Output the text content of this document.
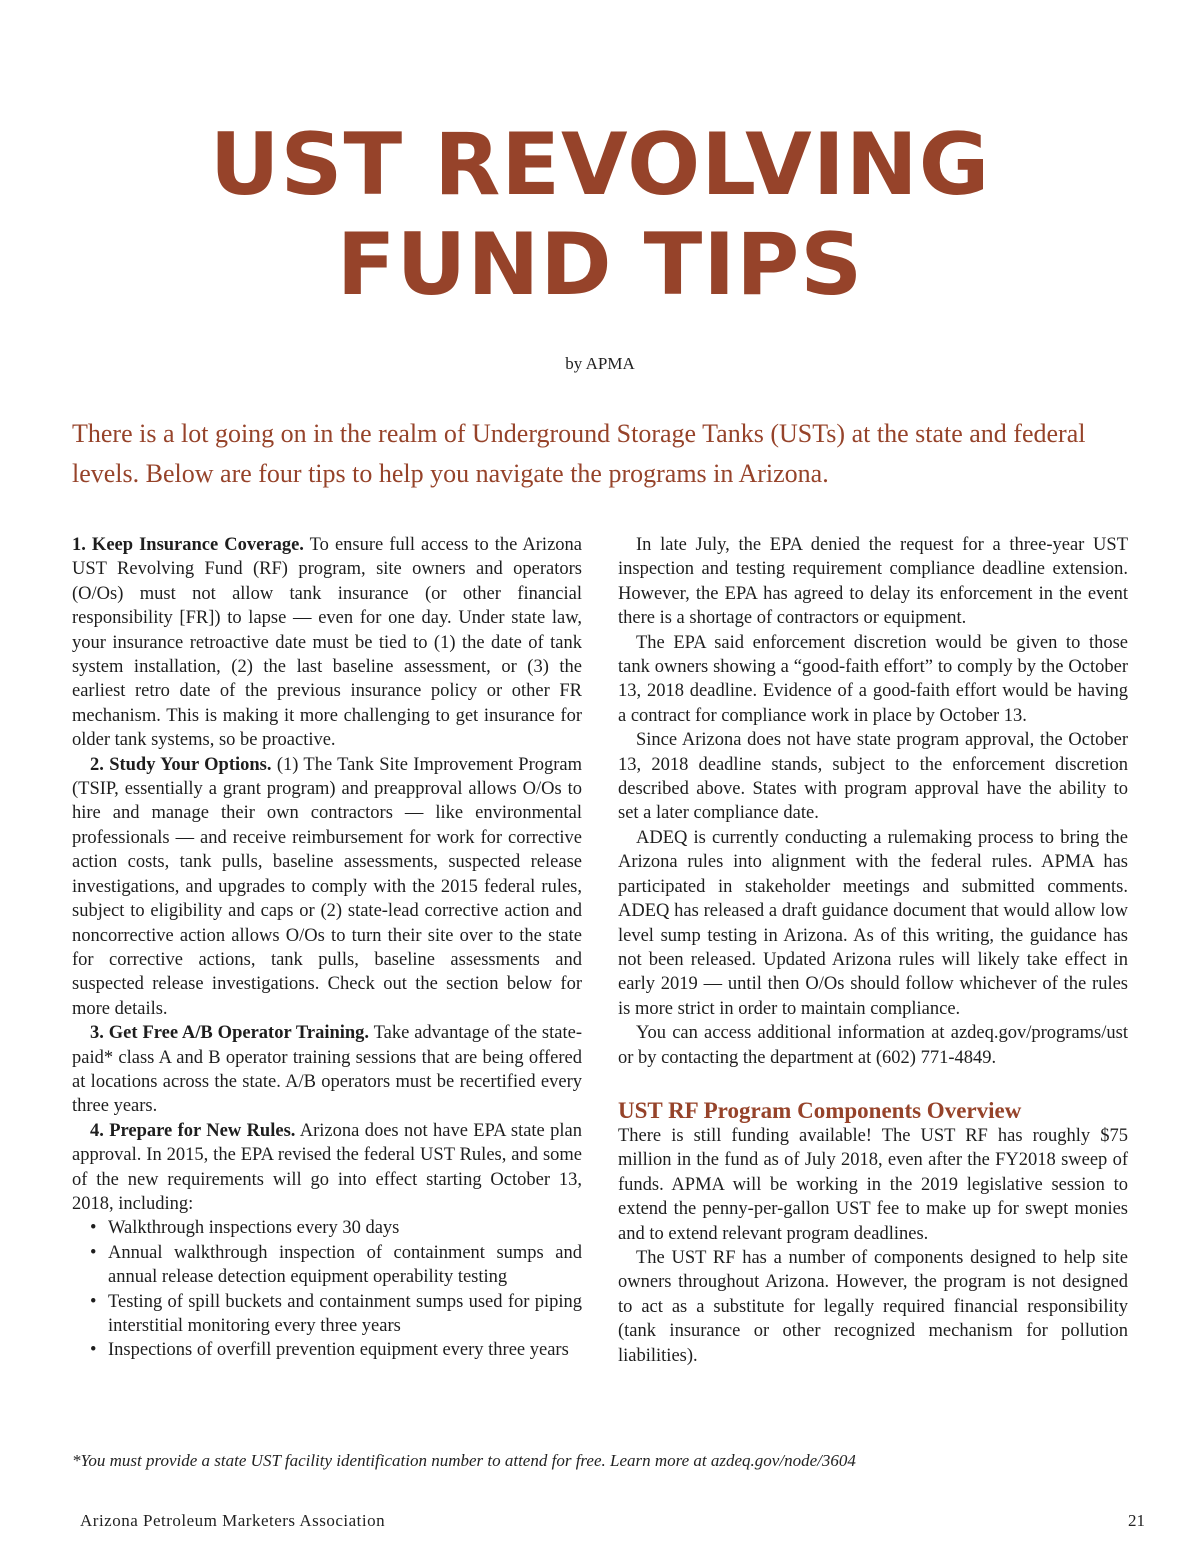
UST REVOLVING
FUND TIPS
by APMA

There is a lot going on in the realm of Underground Storage Tanks (USTs) at the state and federal levels. Below are four tips to help you navigate the programs in Arizona.

1. Keep Insurance Coverage. To ensure full access to the Arizona UST Revolving Fund (RF) program, site owners and operators (O/Os) must not allow tank insurance (or other financial responsibility [FR]) to lapse — even for one day. Under state law, your insurance retroactive date must be tied to (1) the date of tank system installation, (2) the last baseline assessment, or (3) the earliest retro date of the previous insurance policy or other FR mechanism. This is making it more challenging to get insurance for older tank systems, so be proactive.

2. Study Your Options. (1) The Tank Site Improvement Program (TSIP, essentially a grant program) and preapproval allows O/Os to hire and manage their own contractors — like environmental professionals — and receive reimbursement for work for corrective action costs, tank pulls, baseline assessments, suspected release investigations, and upgrades to comply with the 2015 federal rules, subject to eligibility and caps or (2) state-lead corrective action and noncorrective action allows O/Os to turn their site over to the state for corrective actions, tank pulls, baseline assessments and suspected release investigations. Check out the section below for more details.

3. Get Free A/B Operator Training. Take advantage of the state-paid* class A and B operator training sessions that are being offered at locations across the state. A/B operators must be recertified every three years.

4. Prepare for New Rules. Arizona does not have EPA state plan approval. In 2015, the EPA revised the federal UST Rules, and some of the new requirements will go into effect starting October 13, 2018, including:

• Walkthrough inspections every 30 days
• Annual walkthrough inspection of containment sumps and annual release detection equipment operability testing
• Testing of spill buckets and containment sumps used for piping interstitial monitoring every three years
• Inspections of overfill prevention equipment every three years

In late July, the EPA denied the request for a three-year UST inspection and testing requirement compliance deadline extension. However, the EPA has agreed to delay its enforcement in the event there is a shortage of contractors or equipment.

The EPA said enforcement discretion would be given to those tank owners showing a “good-faith effort” to comply by the October 13, 2018 deadline. Evidence of a good-faith effort would be having a contract for compliance work in place by October 13.

Since Arizona does not have state program approval, the October 13, 2018 deadline stands, subject to the enforcement discretion described above. States with program approval have the ability to set a later compliance date.

ADEQ is currently conducting a rulemaking process to bring the Arizona rules into alignment with the federal rules. APMA has participated in stakeholder meetings and submitted comments. ADEQ has released a draft guidance document that would allow low level sump testing in Arizona. As of this writing, the guidance has not been released. Updated Arizona rules will likely take effect in early 2019 — until then O/Os should follow whichever of the rules is more strict in order to maintain compliance.

You can access additional information at azdeq.gov/programs/ust or by contacting the department at (602) 771-4849.

UST RF Program Components Overview

There is still funding available! The UST RF has roughly $75 million in the fund as of July 2018, even after the FY2018 sweep of funds. APMA will be working in the 2019 legislative session to extend the penny-per-gallon UST fee to make up for swept monies and to extend relevant program deadlines.

The UST RF has a number of components designed to help site owners throughout Arizona. However, the program is not designed to act as a substitute for legally required financial responsibility (tank insurance or other recognized mechanism for pollution liabilities).

*You must provide a state UST facility identification number to attend for free. Learn more at azdeq.gov/node/3604
Arizona Petroleum Marketers Association	21
